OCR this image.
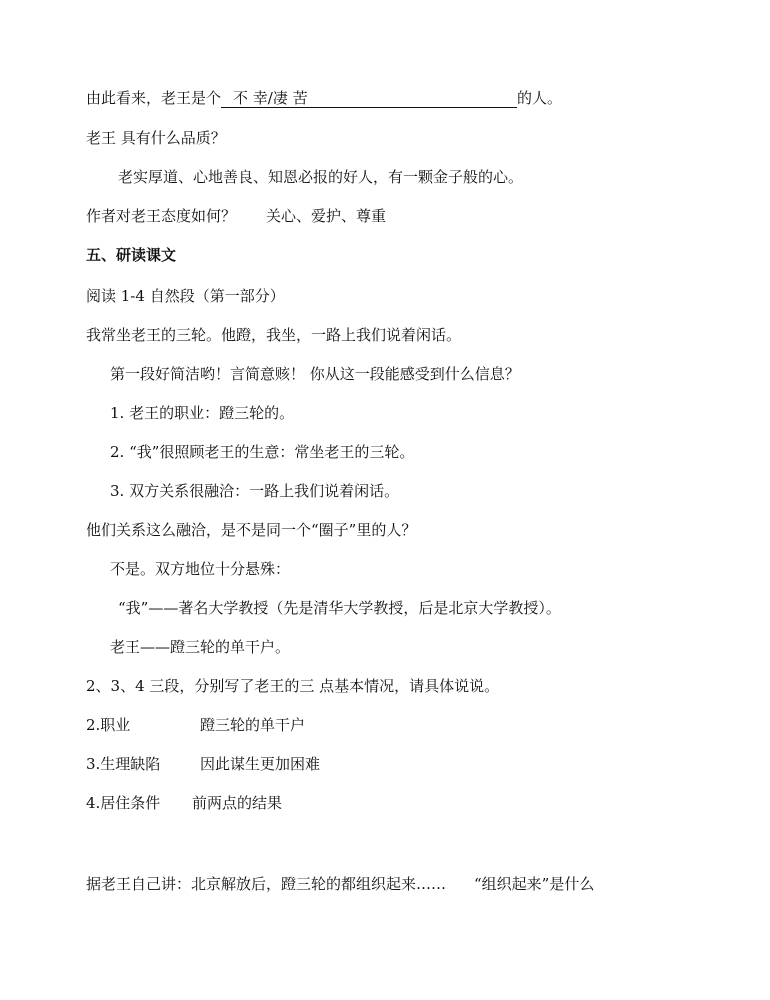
由此看来，老王是个 不 幸/凄 苦	的人。
老王 具有什么品质？
老实厚道、心地善良、知恩必报的好人，有一颗金子般的心。
作者对老王态度如何？ 关心、爱护、尊重
五、研读课文
阅读 1-4 自然段（第一部分）
我常坐老王的三轮。他蹬，我坐，一路上我们说着闲话。
第一段好简洁哟！言简意赅！ 你从这一段能感受到什么信息？
1. 老王的职业：蹬三轮的。
2. “我”很照顾老王的生意：常坐老王的三轮。
3. 双方关系很融洽：一路上我们说着闲话。
他们关系这么融洽，是不是同一个“圈子”里的人？
不是。双方地位十分悬殊：
“我”——著名大学教授（先是清华大学教授，后是北京大学教授）。
老王——蹬三轮的单干户。
2、3、4 三段，分别写了老王的三 点基本情况，请具体说说。
2.职业	蹬三轮的单干户
3.生理缺陷	因此谋生更加困难
4.居住条件 前两点的结果
据老王自己讲：北京解放后，蹬三轮的都组织起来…… “组织起来”是什么
